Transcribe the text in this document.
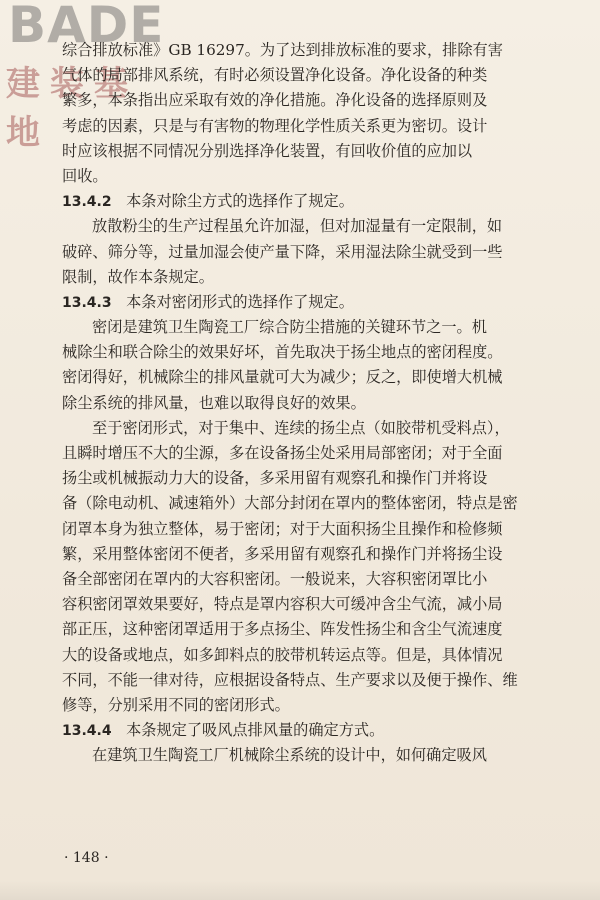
BADE
建装基地
综合排放标准》GB 16297。为了达到排放标准的要求，排除有害
气体的局部排风系统，有时必须设置净化设备。净化设备的种类
繁多，本条指出应采取有效的净化措施。净化设备的选择原则及
考虑的因素，只是与有害物的物理化学性质关系更为密切。设计
时应该根据不同情况分别选择净化装置，有回收价值的应加以
回收。
13.4.2 本条对除尘方式的选择作了规定。
放散粉尘的生产过程虽允许加湿，但对加湿量有一定限制，如
破碎、筛分等，过量加湿会使产量下降，采用湿法除尘就受到一些
限制，故作本条规定。
13.4.3 本条对密闭形式的选择作了规定。
密闭是建筑卫生陶瓷工厂综合防尘措施的关键环节之一。机
械除尘和联合除尘的效果好坏，首先取决于扬尘地点的密闭程度。
密闭得好，机械除尘的排风量就可大为减少；反之，即使增大机械
除尘系统的排风量，也难以取得良好的效果。
至于密闭形式，对于集中、连续的扬尘点（如胶带机受料点），
且瞬时增压不大的尘源，多在设备扬尘处采用局部密闭；对于全面
扬尘或机械振动力大的设备，多采用留有观察孔和操作门并将设
备（除电动机、减速箱外）大部分封闭在罩内的整体密闭，特点是密
闭罩本身为独立整体，易于密闭；对于大面积扬尘且操作和检修频
繁，采用整体密闭不便者，多采用留有观察孔和操作门并将扬尘设
备全部密闭在罩内的大容积密闭。一般说来，大容积密闭罩比小
容积密闭罩效果要好，特点是罩内容积大可缓冲含尘气流，减小局
部正压，这种密闭罩适用于多点扬尘、阵发性扬尘和含尘气流速度
大的设备或地点，如多卸料点的胶带机转运点等。但是，具体情况
不同，不能一律对待，应根据设备特点、生产要求以及便于操作、维
修等，分别采用不同的密闭形式。
13.4.4 本条规定了吸风点排风量的确定方式。
在建筑卫生陶瓷工厂机械除尘系统的设计中，如何确定吸风
· 148 ·
